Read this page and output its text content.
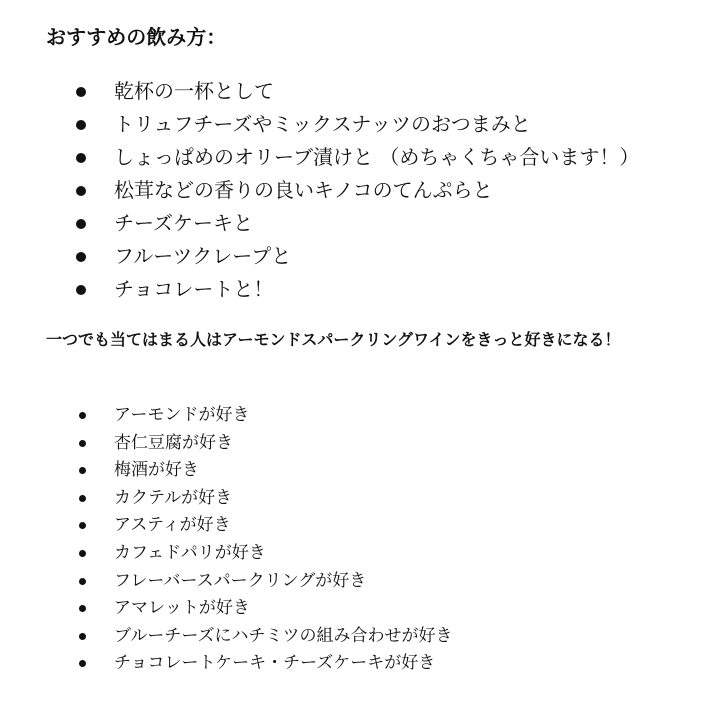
おすすめの飲み方：
乾杯の一杯として
トリュフチーズやミックスナッツのおつまみと
しょっぱめのオリーブ漬けと （めちゃくちゃ合います！）
松茸などの香りの良いキノコのてんぷらと
チーズケーキと
フルーツクレープと
チョコレートと！
一つでも当てはまる人はアーモンドスパークリングワインをきっと好きになる！
アーモンドが好き
杏仁豆腐が好き
梅酒が好き
カクテルが好き
アスティが好き
カフェドパリが好き
フレーバースパークリングが好き
アマレットが好き
ブルーチーズにハチミツの組み合わせが好き
チョコレートケーキ・チーズケーキが好き
